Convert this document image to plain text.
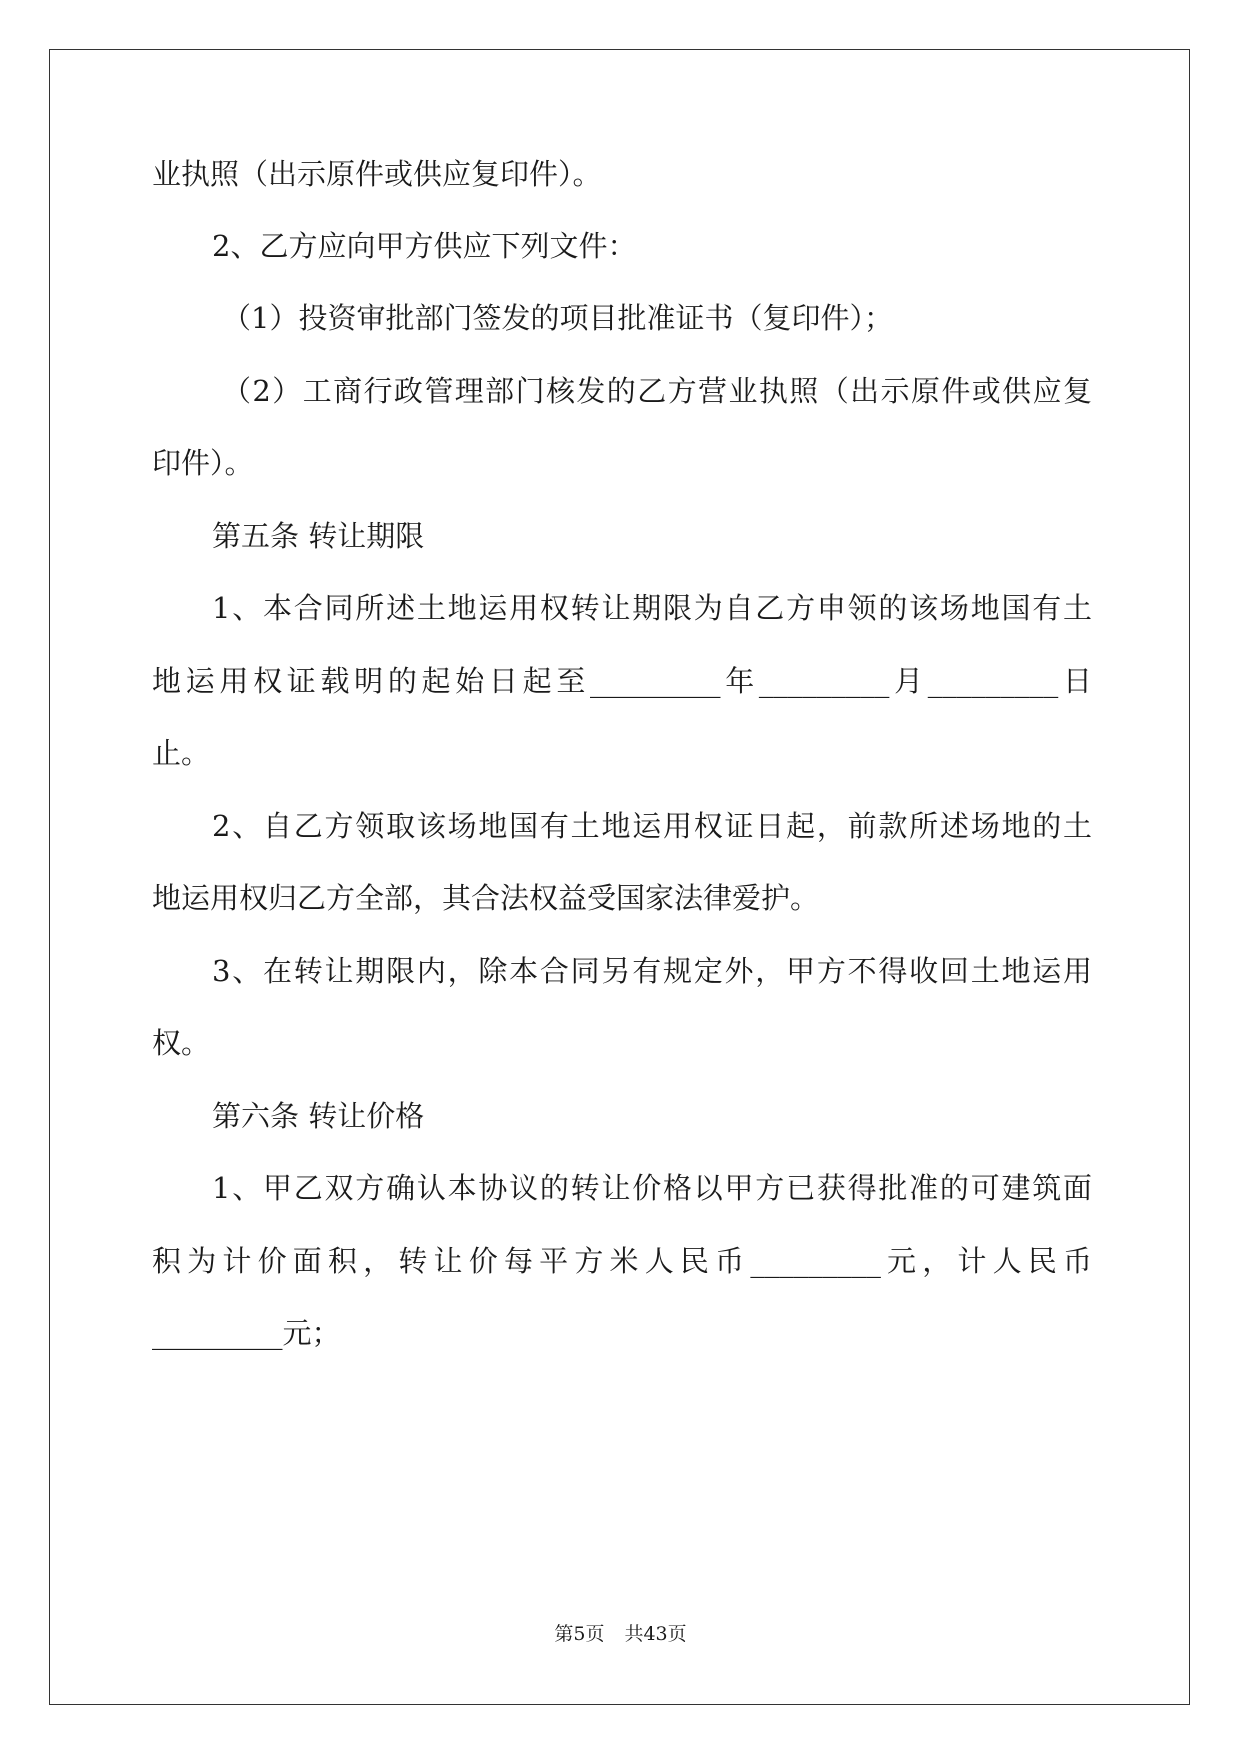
业执照（出示原件或供应复印件）。
2、乙方应向甲方供应下列文件：
（1）投资审批部门签发的项目批准证书（复印件）；
（2）工商行政管理部门核发的乙方营业执照（出示原件或供应复
印件）。
第五条 转让期限
1、本合同所述土地运用权转让期限为自乙方申领的该场地国有土
地运用权证载明的起始日起至_________年_________月_________日
止。
2、自乙方领取该场地国有土地运用权证日起，前款所述场地的土
地运用权归乙方全部，其合法权益受国家法律爱护。
3、在转让期限内，除本合同另有规定外，甲方不得收回土地运用
权。
第六条 转让价格
1、甲乙双方确认本协议的转让价格以甲方已获得批准的可建筑面
积为计价面积，转让价每平方米人民币_________元，计人民币
_________元；
第5页 共43页
